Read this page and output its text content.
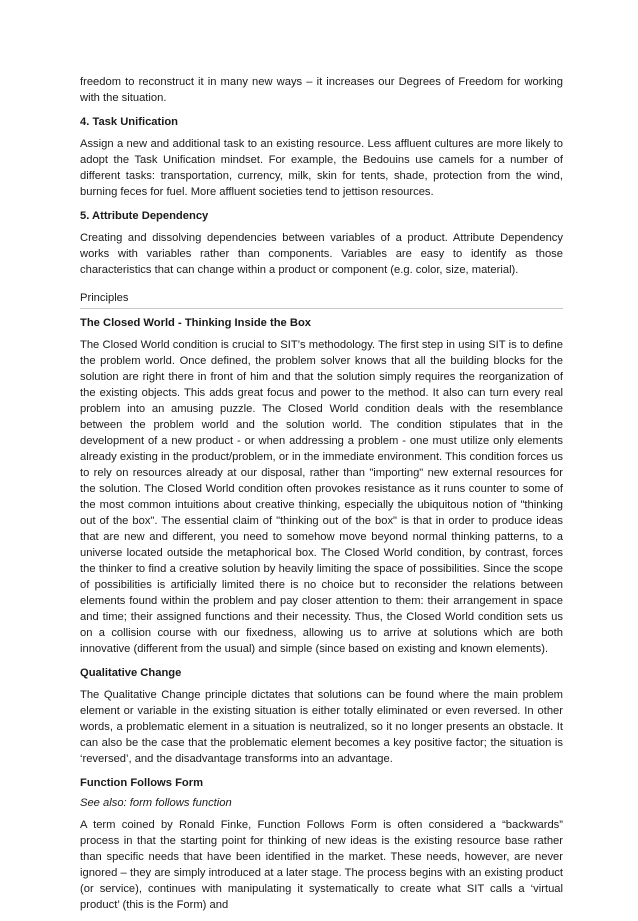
freedom to reconstruct it in many new ways – it increases our Degrees of Freedom for working with the situation.

4. Task Unification

Assign a new and additional task to an existing resource. Less affluent cultures are more likely to adopt the Task Unification mindset. For example, the Bedouins use camels for a number of different tasks: transportation, currency, milk, skin for tents, shade, protection from the wind, burning feces for fuel. More affluent societies tend to jettison resources.

5. Attribute Dependency

Creating and dissolving dependencies between variables of a product. Attribute Dependency works with variables rather than components. Variables are easy to identify as those characteristics that can change within a product or component (e.g. color, size, material).

Principles
The Closed World - Thinking Inside the Box

The Closed World condition is crucial to SIT’s methodology. The first step in using SIT is to define the problem world. Once defined, the problem solver knows that all the building blocks for the solution are right there in front of him and that the solution simply requires the reorganization of the existing objects. This adds great focus and power to the method. It also can turn every real problem into an amusing puzzle. The Closed World condition deals with the resemblance between the problem world and the solution world. The condition stipulates that in the development of a new product - or when addressing a problem - one must utilize only elements already existing in the product/problem, or in the immediate environment. This condition forces us to rely on resources already at our disposal, rather than "importing" new external resources for the solution. The Closed World condition often provokes resistance as it runs counter to some of the most common intuitions about creative thinking, especially the ubiquitous notion of "thinking out of the box". The essential claim of "thinking out of the box" is that in order to produce ideas that are new and different, you need to somehow move beyond normal thinking patterns, to a universe located outside the metaphorical box. The Closed World condition, by contrast, forces the thinker to find a creative solution by heavily limiting the space of possibilities. Since the scope of possibilities is artificially limited there is no choice but to reconsider the relations between elements found within the problem and pay closer attention to them: their arrangement in space and time; their assigned functions and their necessity. Thus, the Closed World condition sets us on a collision course with our fixedness, allowing us to arrive at solutions which are both innovative (different from the usual) and simple (since based on existing and known elements).

Qualitative Change

The Qualitative Change principle dictates that solutions can be found where the main problem element or variable in the existing situation is either totally eliminated or even reversed. In other words, a problematic element in a situation is neutralized, so it no longer presents an obstacle. It can also be the case that the problematic element becomes a key positive factor; the situation is ‘reversed’, and the disadvantage transforms into an advantage.

Function Follows Form
See also: form follows function

A term coined by Ronald Finke, Function Follows Form is often considered a “backwards” process in that the starting point for thinking of new ideas is the existing resource base rather than specific needs that have been identified in the market. These needs, however, are never ignored – they are simply introduced at a later stage. The process begins with an existing product (or service), continues with manipulating it systematically to create what SIT calls a ‘virtual product’ (this is the Form) and
